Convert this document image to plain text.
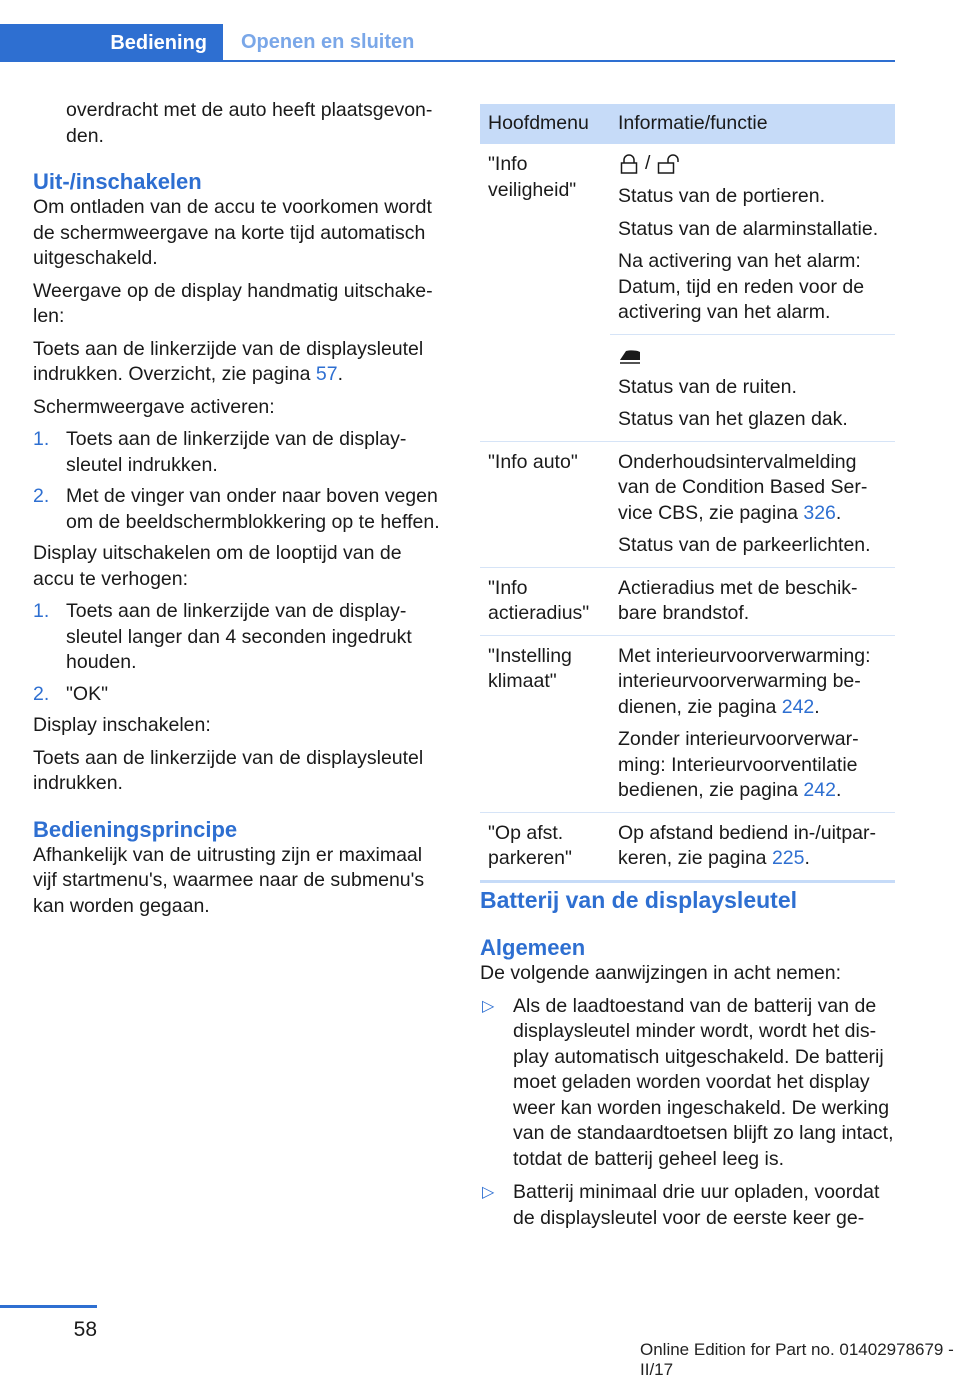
Bediening	Openen en sluiten

overdracht met de auto heeft plaatsgevonden.

Uit-/inschakelen

Om ontladen van de accu te voorkomen wordt de schermweergave na korte tijd automatisch uitgeschakeld.

Weergave op de display handmatig uitschakelen:

Toets aan de linkerzijde van de displaysleutel indrukken. Overzicht, zie pagina 57.

Schermweergave activeren:

1. Toets aan de linkerzijde van de displaysleutel indrukken.
2. Met de vinger van onder naar boven vegen om de beeldschermblokkering op te heffen.

Display uitschakelen om de looptijd van de accu te verhogen:

1. Toets aan de linkerzijde van de displaysleutel langer dan 4 seconden ingedrukt houden.
2. "OK"

Display inschakelen:

Toets aan de linkerzijde van de displaysleutel indrukken.

Bedieningsprincipe

Afhankelijk van de uitrusting zijn er maximaal vijf startmenu's, waarmee naar de submenu's kan worden gegaan.

Hoofdmenu	Informatie/functie
"Info veiligheid"	/

Status van de portieren.

Status van de alarminstallatie.

Na activering van het alarm: Datum, tijd en reden voor de activering van het alarm.

	Status van de ruiten.

Status van het glazen dak.

"Info auto"	Onderhoudsintervalmelding van de Condition Based Service CBS, zie pagina 326.

Status van de parkeerlichten.

"Info actieradius"	Actieradius met de beschikbare brandstof.

"Instelling klimaat"	Met interieurvoorverwarming: interieurvoorverwarming bedienen, zie pagina 242.

Zonder interieurvoorverwarming: Interieurvoorventilatie bedienen, zie pagina 242.

"Op afst. parkeren"	Op afstand bediend in-/uitparkeren, zie pagina 225.

Batterij van de displaysleutel
Algemeen

De volgende aanwijzingen in acht nemen:

▷ Als de laadtoestand van de batterij van de displaysleutel minder wordt, wordt het display automatisch uitgeschakeld. De batterij moet geladen worden voordat het display weer kan worden ingeschakeld. De werking van de standaardtoetsen blijft zo lang intact, totdat de batterij geheel leeg is.
▷ Batterij minimaal drie uur opladen, voordat de displaysleutel voor de eerste keer ge-
58
Online Edition for Part no. 01402978679 - II/17
